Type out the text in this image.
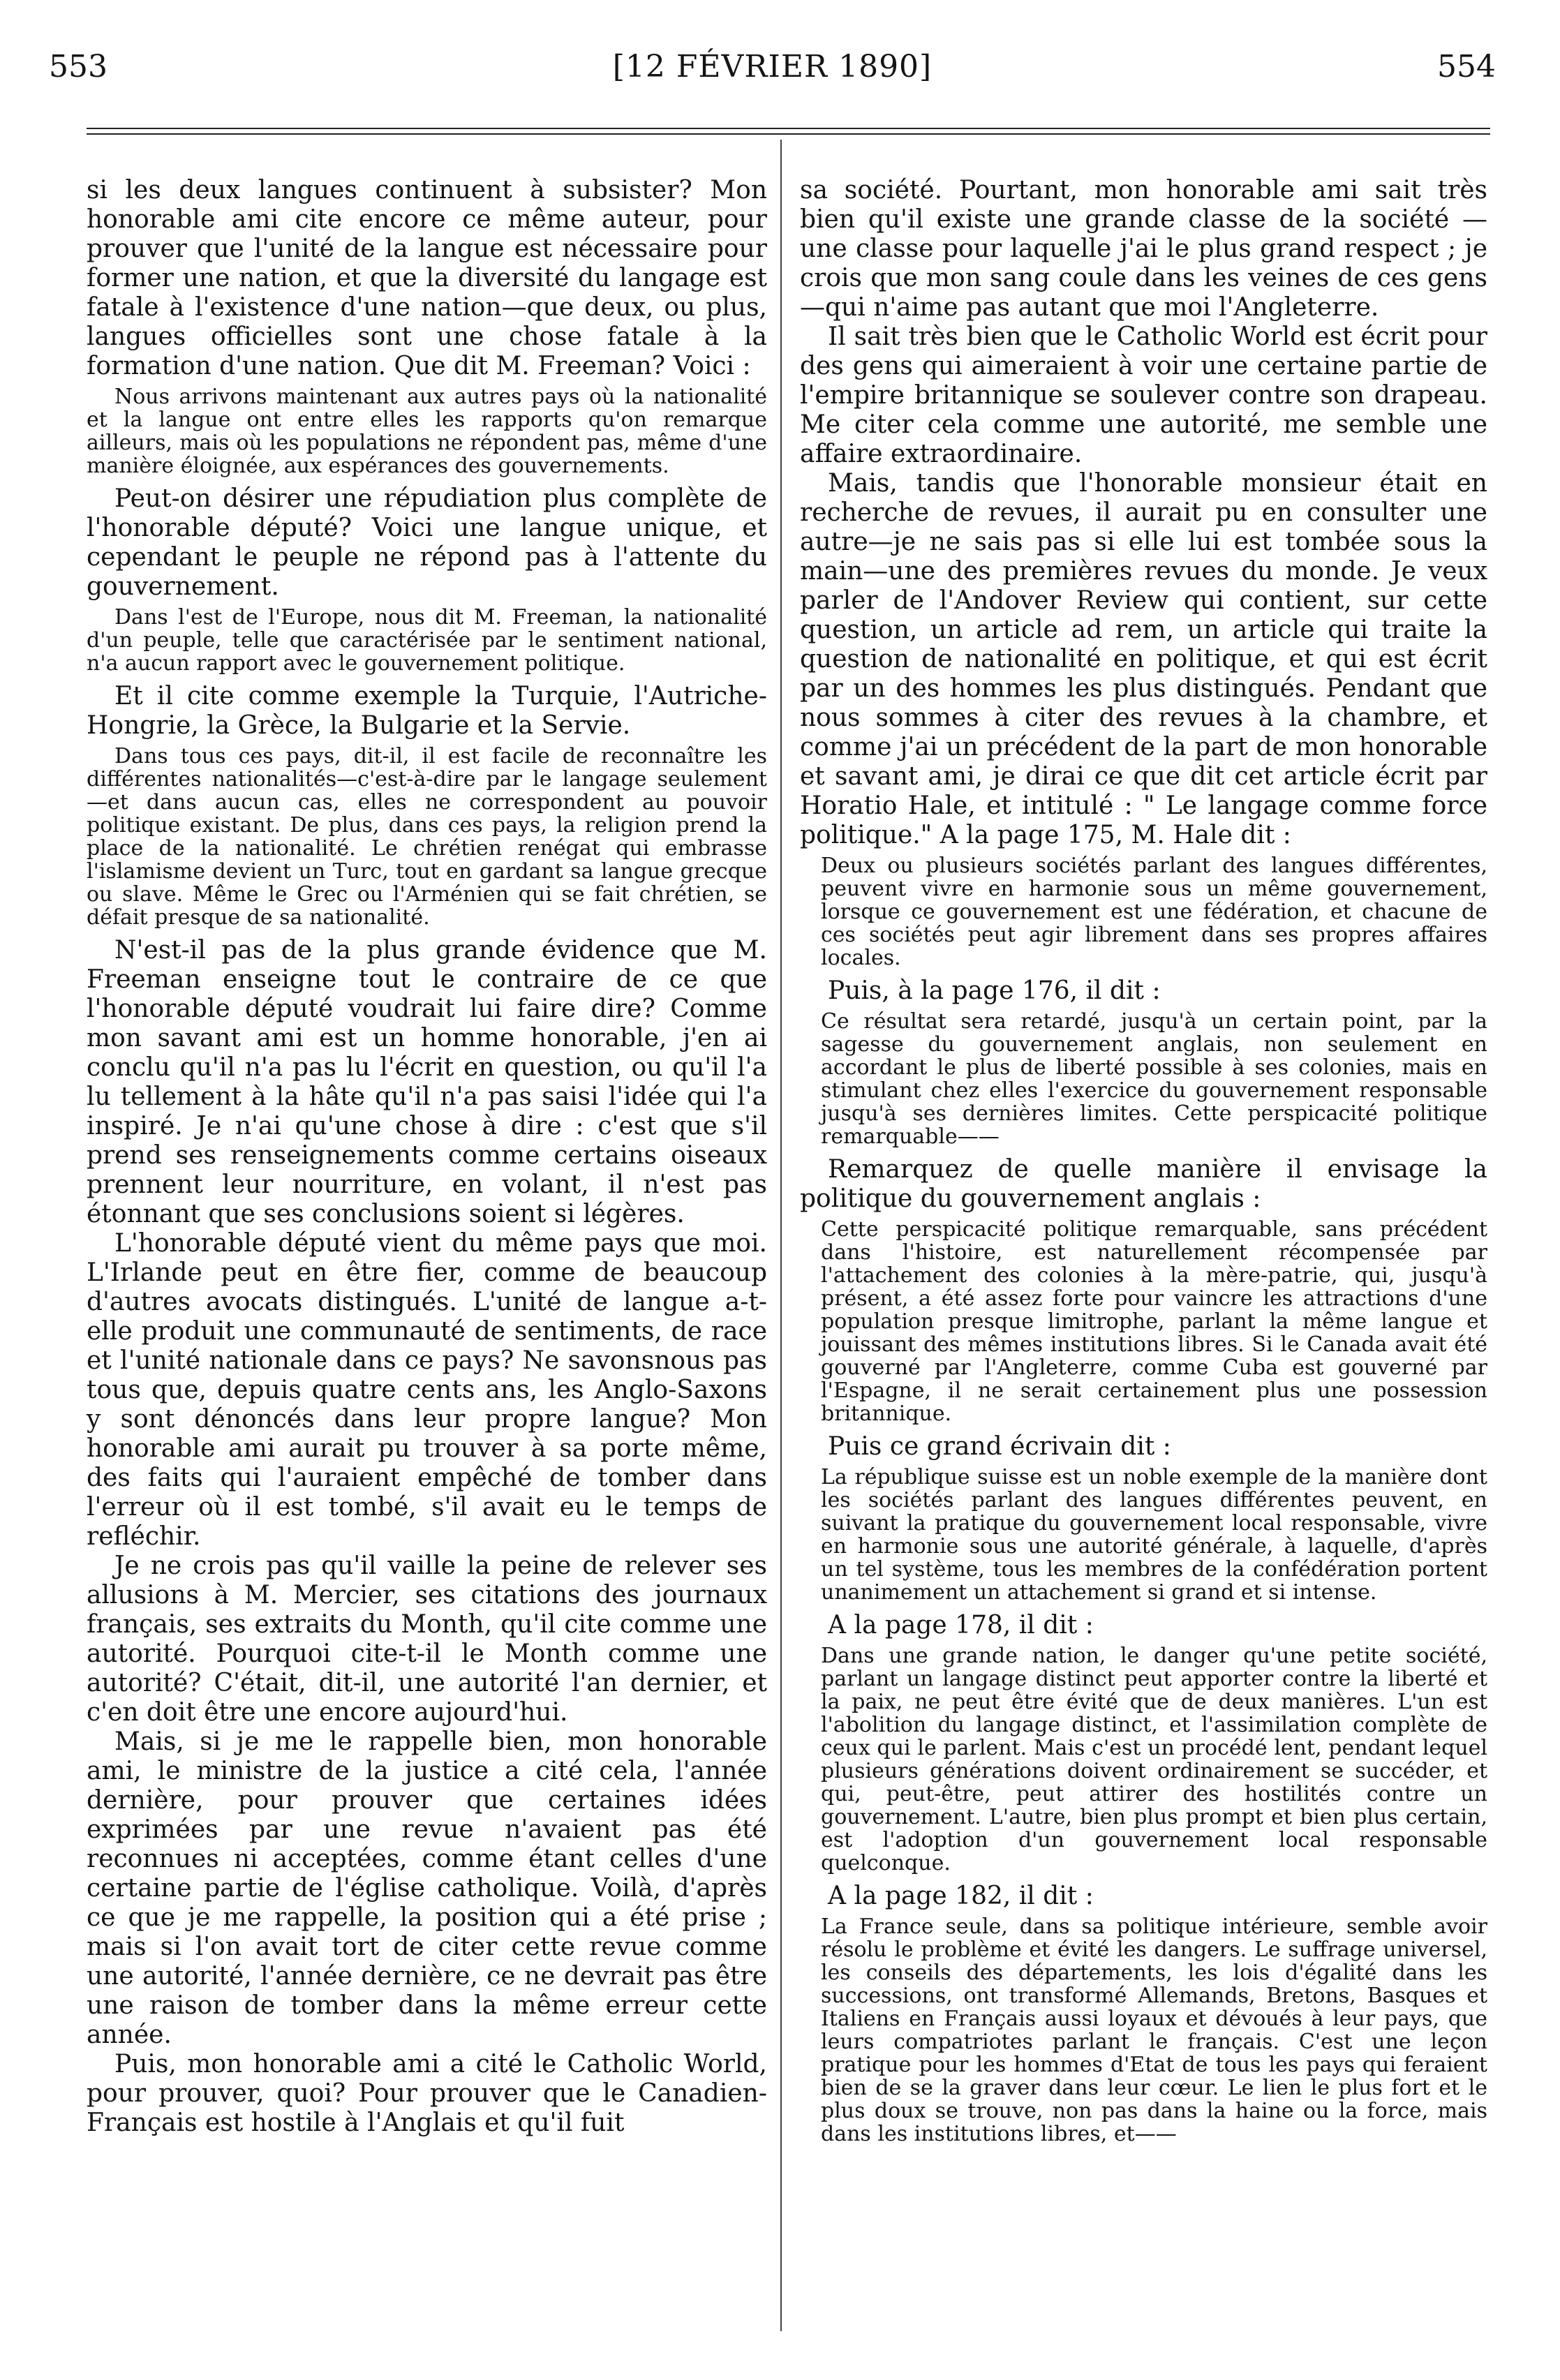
553	[12 FÉVRIER 1890]	554

si les deux langues continuent à subsister? Mon honorable ami cite encore ce même auteur, pour prouver que l'unité de la langue est nécessaire pour former une nation, et que la diversité du langage est fatale à l'existence d'une nation—que deux, ou plus, langues officielles sont une chose fatale à la formation d'une nation. Que dit M. Freeman? Voici :

Nous arrivons maintenant aux autres pays où la nationalité et la langue ont entre elles les rapports qu'on remarque ailleurs, mais où les populations ne répondent pas, même d'une manière éloignée, aux espérances des gouvernements.

Peut-on désirer une répudiation plus complète de l'honorable député? Voici une langue unique, et cependant le peuple ne répond pas à l'attente du gouvernement.

Dans l'est de l'Europe, nous dit M. Freeman, la nationalité d'un peuple, telle que caractérisée par le sentiment national, n'a aucun rapport avec le gouvernement politique.

Et il cite comme exemple la Turquie, l'Autriche-Hongrie, la Grèce, la Bulgarie et la Servie.

Dans tous ces pays, dit-il, il est facile de reconnaître les différentes nationalités—c'est-à-dire par le langage seulement—et dans aucun cas, elles ne correspondent au pouvoir politique existant. De plus, dans ces pays, la religion prend la place de la nationalité. Le chrétien renégat qui embrasse l'islamisme devient un Turc, tout en gardant sa langue grecque ou slave. Même le Grec ou l'Arménien qui se fait chrétien, se défait presque de sa nationalité.

N'est-il pas de la plus grande évidence que M. Freeman enseigne tout le contraire de ce que l'honorable député voudrait lui faire dire? Comme mon savant ami est un homme honorable, j'en ai conclu qu'il n'a pas lu l'écrit en question, ou qu'il l'a lu tellement à la hâte qu'il n'a pas saisi l'idée qui l'a inspiré. Je n'ai qu'une chose à dire : c'est que s'il prend ses renseignements comme certains oiseaux prennent leur nourriture, en volant, il n'est pas étonnant que ses conclusions soient si légères.

L'honorable député vient du même pays que moi. L'Irlande peut en être fier, comme de beaucoup d'autres avocats distingués. L'unité de langue a-t-elle produit une communauté de sentiments, de race et l'unité nationale dans ce pays? Ne savonsnous pas tous que, depuis quatre cents ans, les Anglo-Saxons y sont dénoncés dans leur propre langue? Mon honorable ami aurait pu trouver à sa porte même, des faits qui l'auraient empêché de tomber dans l'erreur où il est tombé, s'il avait eu le temps de refléchir.

Je ne crois pas qu'il vaille la peine de relever ses allusions à M. Mercier, ses citations des journaux français, ses extraits du Month, qu'il cite comme une autorité. Pourquoi cite-t-il le Month comme une autorité? C'était, dit-il, une autorité l'an dernier, et c'en doit être une encore aujourd'hui.

Mais, si je me le rappelle bien, mon honorable ami, le ministre de la justice a cité cela, l'année dernière, pour prouver que certaines idées exprimées par une revue n'avaient pas été reconnues ni acceptées, comme étant celles d'une certaine partie de l'église catholique. Voilà, d'après ce que je me rappelle, la position qui a été prise ; mais si l'on avait tort de citer cette revue comme une autorité, l'année dernière, ce ne devrait pas être une raison de tomber dans la même erreur cette année.

Puis, mon honorable ami a cité le Catholic World, pour prouver, quoi? Pour prouver que le Canadien-Français est hostile à l'Anglais et qu'il fuit

sa société. Pourtant, mon honorable ami sait très bien qu'il existe une grande classe de la société —une classe pour laquelle j'ai le plus grand respect ; je crois que mon sang coule dans les veines de ces gens—qui n'aime pas autant que moi l'Angleterre.

Il sait très bien que le Catholic World est écrit pour des gens qui aimeraient à voir une certaine partie de l'empire britannique se soulever contre son drapeau. Me citer cela comme une autorité, me semble une affaire extraordinaire.

Mais, tandis que l'honorable monsieur était en recherche de revues, il aurait pu en consulter une autre—je ne sais pas si elle lui est tombée sous la main—une des premières revues du monde. Je veux parler de l'Andover Review qui contient, sur cette question, un article ad rem, un article qui traite la question de nationalité en politique, et qui est écrit par un des hommes les plus distingués. Pendant que nous sommes à citer des revues à la chambre, et comme j'ai un précédent de la part de mon honorable et savant ami, je dirai ce que dit cet article écrit par Horatio Hale, et intitulé : " Le langage comme force politique." A la page 175, M. Hale dit :

Deux ou plusieurs sociétés parlant des langues différentes, peuvent vivre en harmonie sous un même gouvernement, lorsque ce gouvernement est une fédération, et chacune de ces sociétés peut agir librement dans ses propres affaires locales.

Puis, à la page 176, il dit :

Ce résultat sera retardé, jusqu'à un certain point, par la sagesse du gouvernement anglais, non seulement en accordant le plus de liberté possible à ses colonies, mais en stimulant chez elles l'exercice du gouvernement responsable jusqu'à ses dernières limites. Cette perspicacité politique remarquable——

Remarquez de quelle manière il envisage la politique du gouvernement anglais :

Cette perspicacité politique remarquable, sans précédent dans l'histoire, est naturellement récompensée par l'attachement des colonies à la mère-patrie, qui, jusqu'à présent, a été assez forte pour vaincre les attractions d'une population presque limitrophe, parlant la même langue et jouissant des mêmes institutions libres. Si le Canada avait été gouverné par l'Angleterre, comme Cuba est gouverné par l'Espagne, il ne serait certainement plus une possession britannique.

Puis ce grand écrivain dit :

La république suisse est un noble exemple de la manière dont les sociétés parlant des langues différentes peuvent, en suivant la pratique du gouvernement local responsable, vivre en harmonie sous une autorité générale, à laquelle, d'après un tel système, tous les membres de la confédération portent unanimement un attachement si grand et si intense.

A la page 178, il dit :

Dans une grande nation, le danger qu'une petite société, parlant un langage distinct peut apporter contre la liberté et la paix, ne peut être évité que de deux manières. L'un est l'abolition du langage distinct, et l'assimilation complète de ceux qui le parlent. Mais c'est un procédé lent, pendant lequel plusieurs générations doivent ordinairement se succéder, et qui, peut-être, peut attirer des hostilités contre un gouvernement. L'autre, bien plus prompt et bien plus certain, est l'adoption d'un gouvernement local responsable quelconque.

A la page 182, il dit :

La France seule, dans sa politique intérieure, semble avoir résolu le problème et évité les dangers. Le suffrage universel, les conseils des départements, les lois d'égalité dans les successions, ont transformé Allemands, Bretons, Basques et Italiens en Français aussi loyaux et dévoués à leur pays, que leurs compatriotes parlant le français. C'est une leçon pratique pour les hommes d'Etat de tous les pays qui feraient bien de se la graver dans leur cœur. Le lien le plus fort et le plus doux se trouve, non pas dans la haine ou la force, mais dans les institutions libres, et——
